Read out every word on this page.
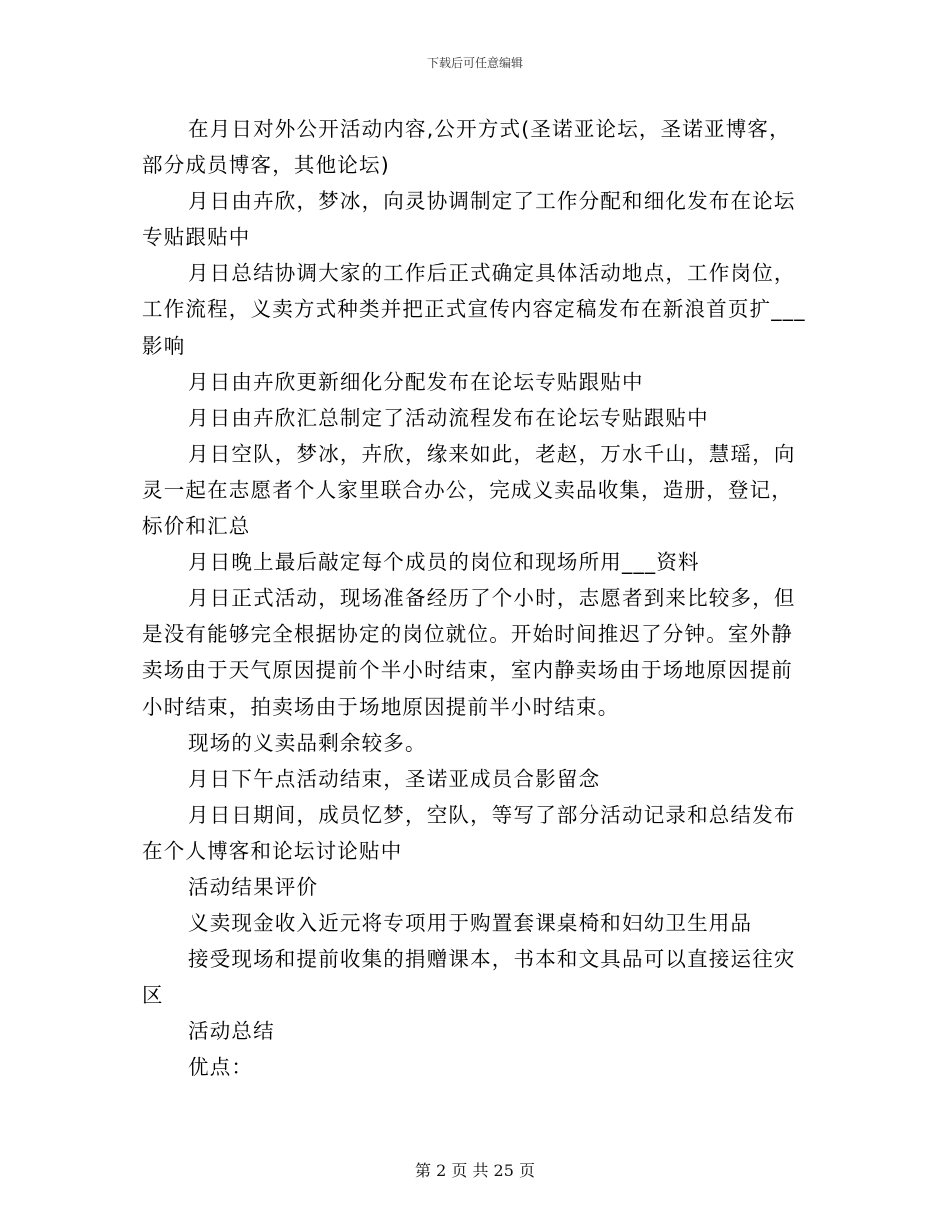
下载后可任意编辑

在月日对外公开活动内容,公开方式(圣诺亚论坛，圣诺亚博客，部分成员博客，其他论坛)

月日由卉欣，梦冰，向灵协调制定了工作分配和细化发布在论坛专贴跟贴中

月日总结协调大家的工作后正式确定具体活动地点，工作岗位，工作流程，义卖方式种类并把正式宣传内容定稿发布在新浪首页扩___影响

月日由卉欣更新细化分配发布在论坛专贴跟贴中

月日由卉欣汇总制定了活动流程发布在论坛专贴跟贴中

月日空队，梦冰，卉欣，缘来如此，老赵，万水千山，慧瑶，向灵一起在志愿者个人家里联合办公，完成义卖品收集，造册，登记，标价和汇总

月日晚上最后敲定每个成员的岗位和现场所用___资料

月日正式活动，现场准备经历了个小时，志愿者到来比较多，但是没有能够完全根据协定的岗位就位。开始时间推迟了分钟。室外静卖场由于天气原因提前个半小时结束，室内静卖场由于场地原因提前小时结束，拍卖场由于场地原因提前半小时结束。

现场的义卖品剩余较多。

月日下午点活动结束，圣诺亚成员合影留念

月日日期间，成员忆梦，空队，等写了部分活动记录和总结发布在个人博客和论坛讨论贴中

活动结果评价

义卖现金收入近元将专项用于购置套课桌椅和妇幼卫生用品

接受现场和提前收集的捐赠课本，书本和文具品可以直接运往灾区

活动总结

优点：

第 2 页 共 25 页
